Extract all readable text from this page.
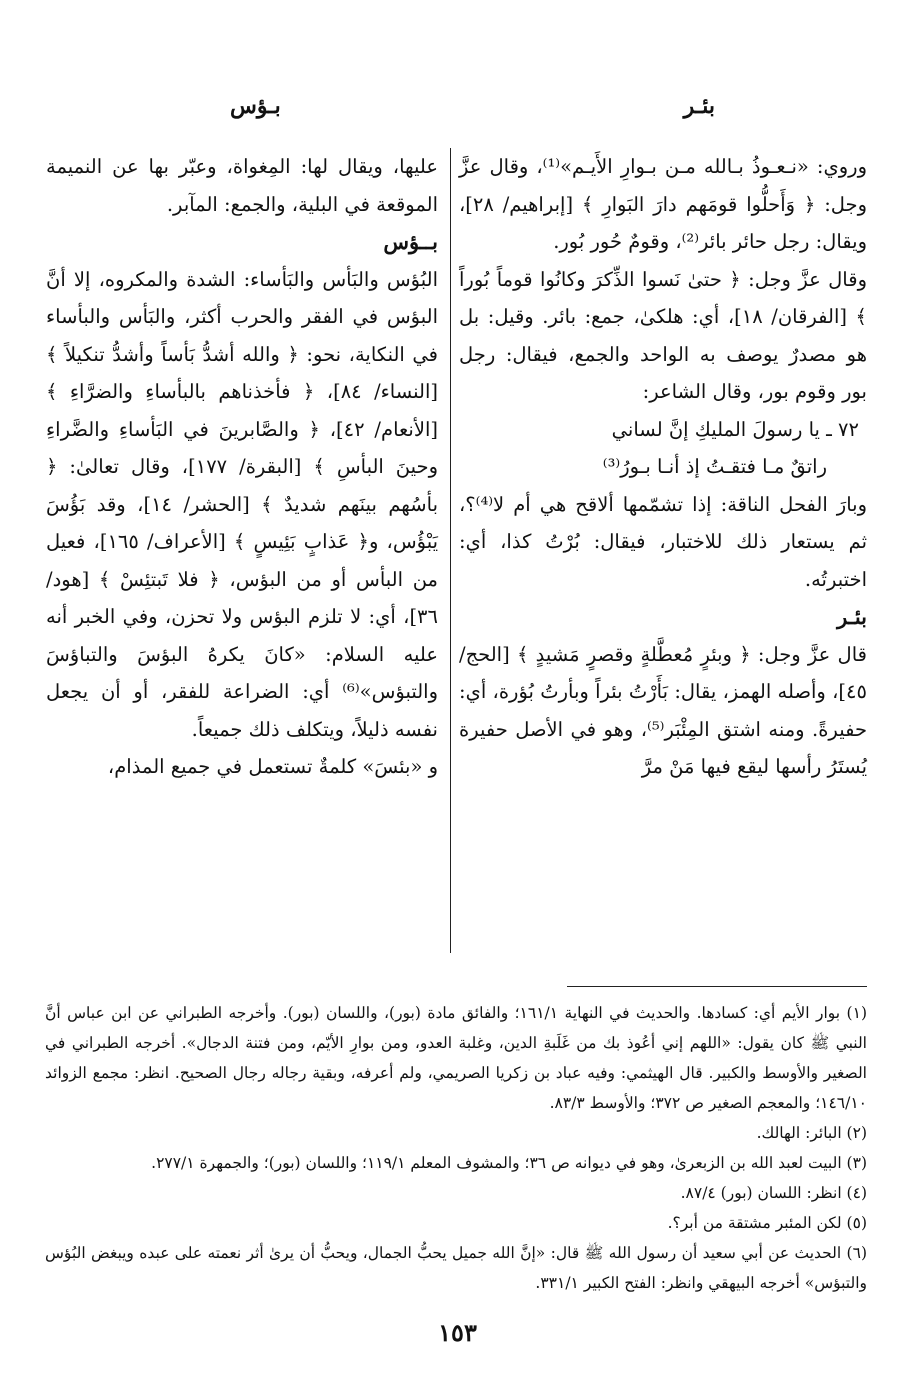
بئـر
بـؤس

وروي: «نـعـوذُ بـالله مـن بـوارِ الأَيـم»⁽¹⁾، وقال عزَّ وجل: ﴿ وَأَحلُّوا قومَهم دارَ البَوارِ ﴾ [إبراهيم/ ٢٨]، ويقال: رجل حائر بائر⁽²⁾، وقومٌ حُور بُور.

وقال عزَّ وجل: ﴿ حتىٰ نَسوا الذِّكرَ وكانُوا قوماً بُوراً ﴾ [الفرقان/ ١٨]، أي: هلكىٰ، جمع: بائر. وقيل: بل هو مصدرٌ يوصف به الواحد والجمع، فيقال: رجل بور وقوم بور، وقال الشاعر:

٧٢ ـ يا رسولَ المليكِ إنَّ لساني

راتقٌ مـا فتقـتُ إذ أنـا بـورُ⁽³⁾

وبارَ الفحل الناقة: إذا تشمّمها ألاقح هي أم لا⁽⁴⁾؟، ثم يستعار ذلك للاختبار، فيقال: بُرْتُ كذا، أي: اختبرتُه.

بئـر

قال عزَّ وجل: ﴿ وبئرٍ مُعطَّلةٍ وقصرٍ مَشيدٍ ﴾ [الحج/ ٤٥]، وأصله الهمز، يقال: بَأَرْتُ بئراً وبأرتُ بُؤرة، أي: حفيرةً. ومنه اشتق المِئْبَر⁽⁵⁾، وهو في الأصل حفيرة يُستَرُ رأسها ليقع فيها مَنْ مرَّ

عليها، ويقال لها: المِغواة، وعبّر بها عن النميمة الموقعة في البلية، والجمع: المآبر.

بــؤس

البُؤس والبَأس والبَأساء: الشدة والمكروه، إلا أنَّ البؤس في الفقر والحرب أكثر، والبَأس والبأساء في النكاية، نحو: ﴿ والله أشدُّ بَأساً وأشدُّ تنكيلاً ﴾ [النساء/ ٨٤]، ﴿ فأخذناهم بالبأساءِ والضرَّاءِ ﴾ [الأنعام/ ٤٢]، ﴿ والصَّابرينَ في البَأساءِ والضَّراءِ وحينَ البأسِ ﴾ [البقرة/ ١٧٧]، وقال تعالىٰ: ﴿ بأسُهم بينَهم شديدٌ ﴾ [الحشر/ ١٤]، وقد بَؤُسَ يَبْؤُس، و﴿ عَذابٍ بَئِيسٍ ﴾ [الأعراف/ ١٦٥]، فعيل من البأس أو من البؤس، ﴿ فلا تَبتئِسْ ﴾ [هود/ ٣٦]، أي: لا تلزم البؤس ولا تحزن، وفي الخبر أنه عليه السلام: «كانَ يكرهُ البؤسَ والتباؤسَ والتبؤس»⁽⁶⁾ أي: الضراعة للفقر، أو أن يجعل نفسه ذليلاً، ويتكلف ذلك جميعاً.

و «بئسَ» كلمةٌ تستعمل في جميع المذام،

(١) بوار الأيم أي: كسادها. والحديث في النهاية ١٦١/١؛ والفائق مادة (بور)، واللسان (بور). وأخرجه الطبراني عن ابن عباس أنَّ النبي ﷺ كان يقول: «اللهم إني أعُوذ بك من غَلَبةِ الدين، وغلبة العدو، ومن بوارِ الأيّم، ومن فتنة الدجال». أخرجه الطبراني في الصغير والأوسط والكبير. قال الهيثمي: وفيه عباد بن زكريا الصريمي، ولم أعرفه، وبقية رجاله رجال الصحيح. انظر: مجمع الزوائد ١٤٦/١٠؛ والمعجم الصغير ص ٣٧٢؛ والأوسط ٨٣/٣.

(٢) البائر: الهالك.

(٣) البيت لعبد الله بن الزبعرىٰ، وهو في ديوانه ص ٣٦؛ والمشوف المعلم ١١٩/١؛ واللسان (بور)؛ والجمهرة ٢٧٧/١.

(٤) انظر: اللسان (بور) ٨٧/٤.

(٥) لكن المئبر مشتقة من أبر؟.

(٦) الحديث عن أبي سعيد أن رسول الله ﷺ قال: «إنَّ الله جميل يحبُّ الجمال، ويحبُّ أن يرىٰ أثر نعمته على عبده ويبغض البُؤس والتبؤس» أخرجه البيهقي وانظر: الفتح الكبير ٣٣١/١.

١٥٣
